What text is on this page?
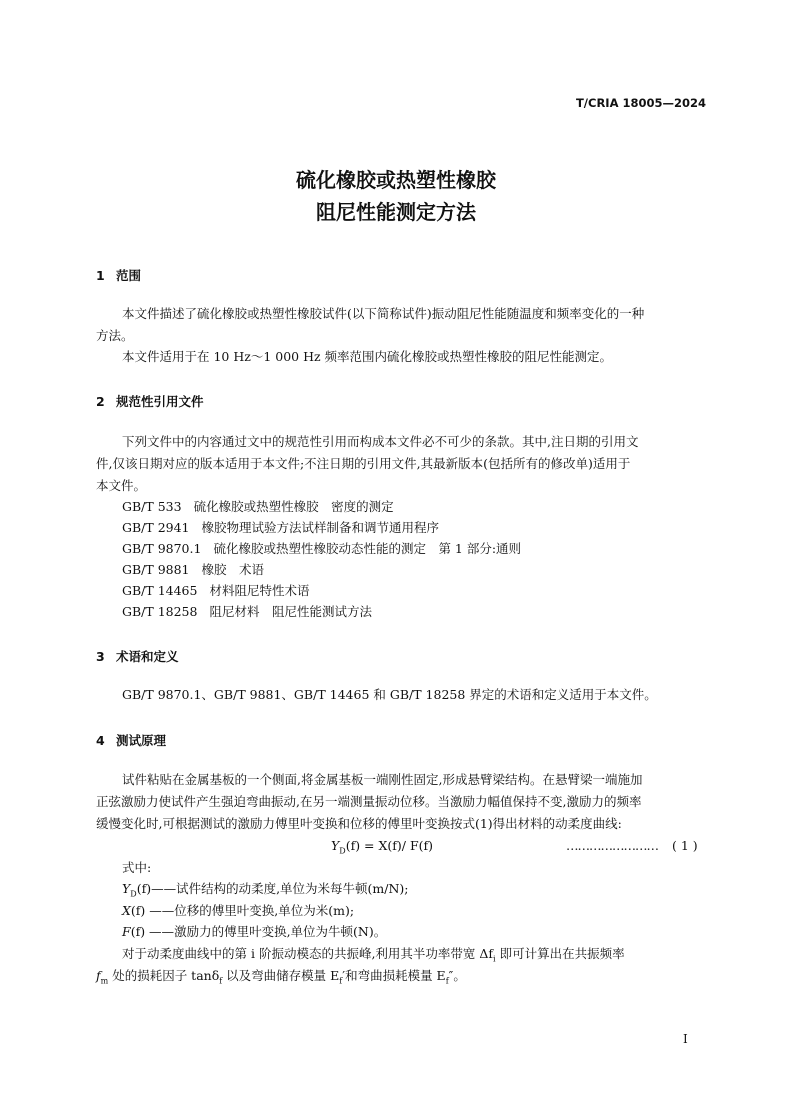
T/CRIA 18005—2024
硫化橡胶或热塑性橡胶
阻尼性能测定方法
1 范围
本文件描述了硫化橡胶或热塑性橡胶试件(以下简称试件)振动阻尼性能随温度和频率变化的一种
方法。
本文件适用于在 10 Hz～1 000 Hz 频率范围内硫化橡胶或热塑性橡胶的阻尼性能测定。
2 规范性引用文件
下列文件中的内容通过文中的规范性引用而构成本文件必不可少的条款。其中,注日期的引用文
件,仅该日期对应的版本适用于本文件;不注日期的引用文件,其最新版本(包括所有的修改单)适用于
本文件。
GB/T 533 硫化橡胶或热塑性橡胶　密度的测定
GB/T 2941 橡胶物理试验方法试样制备和调节通用程序
GB/T 9870.1 硫化橡胶或热塑性橡胶动态性能的测定　第 1 部分:通则
GB/T 9881 橡胶　术语
GB/T 14465 材料阻尼特性术语
GB/T 18258 阻尼材料　阻尼性能测试方法
3 术语和定义
GB/T 9870.1、GB/T 9881、GB/T 14465 和 GB/T 18258 界定的术语和定义适用于本文件。
4 测试原理
试件粘贴在金属基板的一个侧面,将金属基板一端刚性固定,形成悬臂梁结构。在悬臂梁一端施加
正弦激励力使试件产生强迫弯曲振动,在另一端测量振动位移。当激励力幅值保持不变,激励力的频率
缓慢变化时,可根据测试的激励力傅里叶变换和位移的傅里叶变换按式(1)得出材料的动柔度曲线:
$Y_D(f) = X(f)/$ F(f)	…………………… ( 1 )
式中:
$Y_D(f)——$试件结构的动柔度,单位为米每牛顿(m/N);
X(f) ——位移的傅里叶变换,单位为米(m);
F(f) ——激励力的傅里叶变换,单位为牛顿(N)。
对于动柔度曲线中的第 i 阶振动模态的共振峰,利用其半功率带宽 $\Delta f_i$ 即可计算出在共振频率
$f_m$ 处的损耗因子 tanδ$_f$ 以及弯曲储存模量 $E_f'$和弯曲损耗模量 $E_f''$。
I
